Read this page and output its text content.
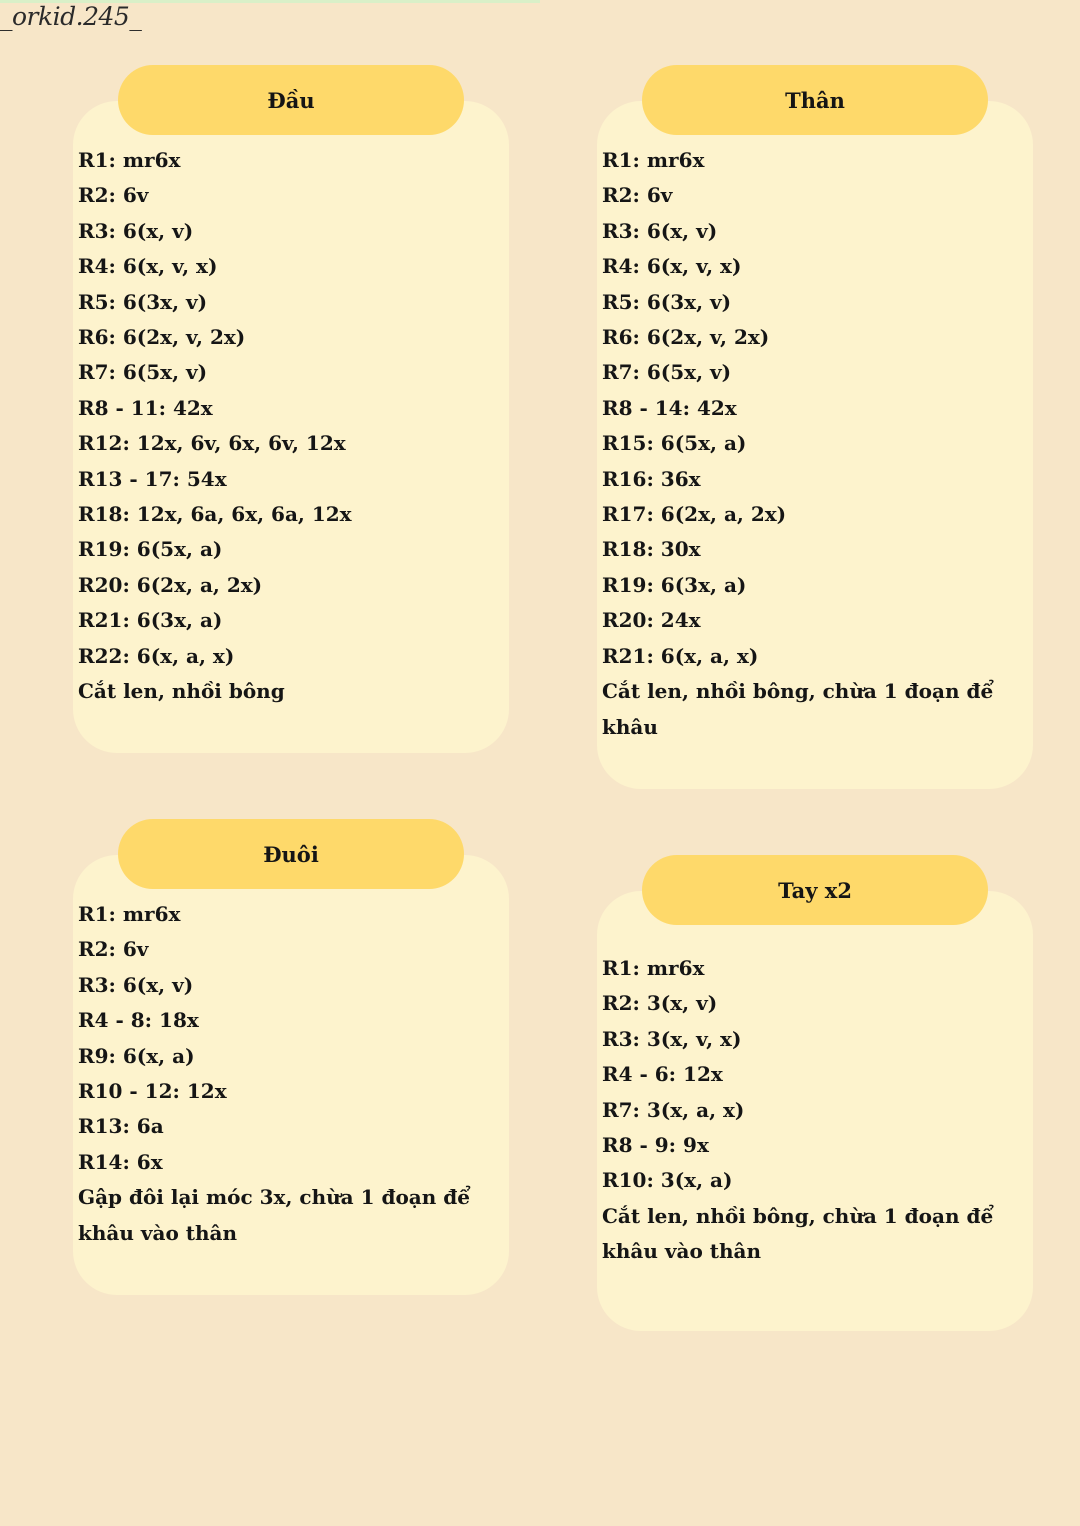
_orkid.245_
Đầu
R1: mr6x
R2: 6v
R3: 6(x, v)
R4: 6(x, v, x)
R5: 6(3x, v)
R6: 6(2x, v, 2x)
R7: 6(5x, v)
R8 - 11: 42x
R12: 12x, 6v, 6x, 6v, 12x
R13 - 17: 54x
R18: 12x, 6a, 6x, 6a, 12x
R19: 6(5x, a)
R20: 6(2x, a, 2x)
R21: 6(3x, a)
R22: 6(x, a, x)
Cắt len, nhồi bông
Thân
R1: mr6x
R2: 6v
R3: 6(x, v)
R4: 6(x, v, x)
R5: 6(3x, v)
R6: 6(2x, v, 2x)
R7: 6(5x, v)
R8 - 14: 42x
R15: 6(5x, a)
R16: 36x
R17: 6(2x, a, 2x)
R18: 30x
R19: 6(3x, a)
R20: 24x
R21: 6(x, a, x)
Cắt len, nhồi bông, chừa 1 đoạn để khâu
Đuôi
R1: mr6x
R2: 6v
R3: 6(x, v)
R4 - 8: 18x
R9: 6(x, a)
R10 - 12: 12x
R13: 6a
R14: 6x
Gập đôi lại móc 3x, chừa 1 đoạn để khâu vào thân
Tay x2
R1: mr6x
R2: 3(x, v)
R3: 3(x, v, x)
R4 - 6: 12x
R7: 3(x, a, x)
R8 - 9: 9x
R10: 3(x, a)
Cắt len, nhồi bông, chừa 1 đoạn để khâu vào thân
